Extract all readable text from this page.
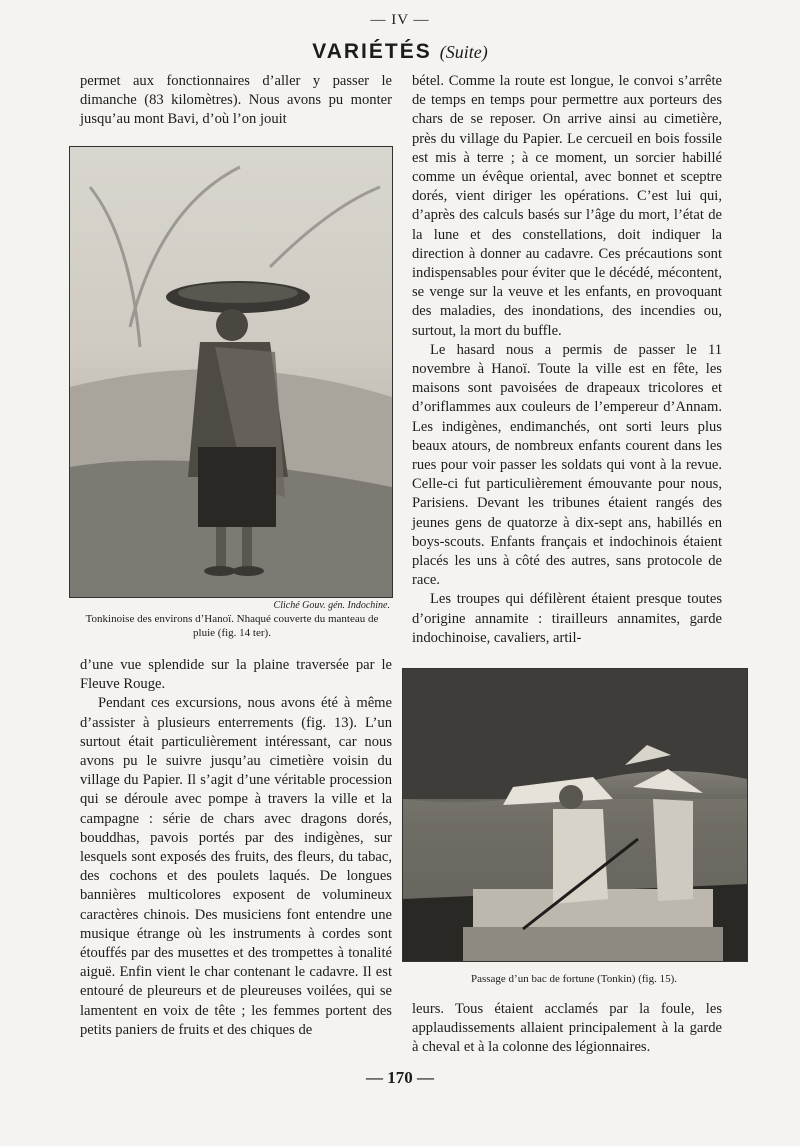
— IV —
VARIÉTÉS (Suite)

permet aux fonctionnaires d’aller y passer le dimanche (83 kilomètres). Nous avons pu monter jusqu’au mont Bavi, d’où l’on jouit

Cliché Gouv. gén. Indochine.
Tonkinoise des environs d’Hanoï. Nhaqué couverte du manteau de pluie (fig. 14 ter).

d’une vue splendide sur la plaine traversée par le Fleuve Rouge.

Pendant ces excursions, nous avons été à même d’assister à plusieurs enterrements (fig. 13). L’un surtout était particulièrement intéressant, car nous avons pu le suivre jusqu’au cimetière voisin du village du Papier. Il s’agit d’une véritable procession qui se déroule avec pompe à travers la ville et la campagne : série de chars avec dragons dorés, bouddhas, pavois portés par des indigènes, sur lesquels sont exposés des fruits, des fleurs, du tabac, des cochons et des poulets laqués. De longues bannières multicolores exposent de volumineux caractères chinois. Des musiciens font entendre une musique étrange où les instruments à cordes sont étouffés par des musettes et des trompettes à tonalité aiguë. Enfin vient le char contenant le cadavre. Il est entouré de pleureurs et de pleureuses voilées, qui se lamentent en voix de tête ; les femmes portent des petits paniers de fruits et des chiques de

bétel. Comme la route est longue, le convoi s’arrête de temps en temps pour permettre aux porteurs des chars de se reposer. On arrive ainsi au cimetière, près du village du Papier. Le cercueil en bois fossile est mis à terre ; à ce moment, un sorcier habillé comme un évêque oriental, avec bonnet et sceptre dorés, vient diriger les opérations. C’est lui qui, d’après des calculs basés sur l’âge du mort, l’état de la lune et des constellations, doit indiquer la direction à donner au cadavre. Ces précautions sont indispensables pour éviter que le décédé, mécontent, se venge sur la veuve et les enfants, en provoquant des maladies, des inondations, des incendies ou, surtout, la mort du buffle.

Le hasard nous a permis de passer le 11 novembre à Hanoï. Toute la ville est en fête, les maisons sont pavoisées de drapeaux tricolores et d’oriflammes aux couleurs de l’empereur d’Annam. Les indigènes, endimanchés, ont sorti leurs plus beaux atours, de nombreux enfants courent dans les rues pour voir passer les soldats qui vont à la revue. Celle-ci fut particulièrement émouvante pour nous, Parisiens. Devant les tribunes étaient rangés des jeunes gens de quatorze à dix-sept ans, habillés en boys-scouts. Enfants français et indochinois étaient placés les uns à côté des autres, sans protocole de race.

Les troupes qui défilèrent étaient presque toutes d’origine annamite : tirailleurs annamites, garde indochinoise, cavaliers, artil-

Passage d’un bac de fortune (Tonkin) (fig. 15).

leurs. Tous étaient acclamés par la foule, les applaudissements allaient principalement à la garde à cheval et à la colonne des légionnaires.

— 170 —
